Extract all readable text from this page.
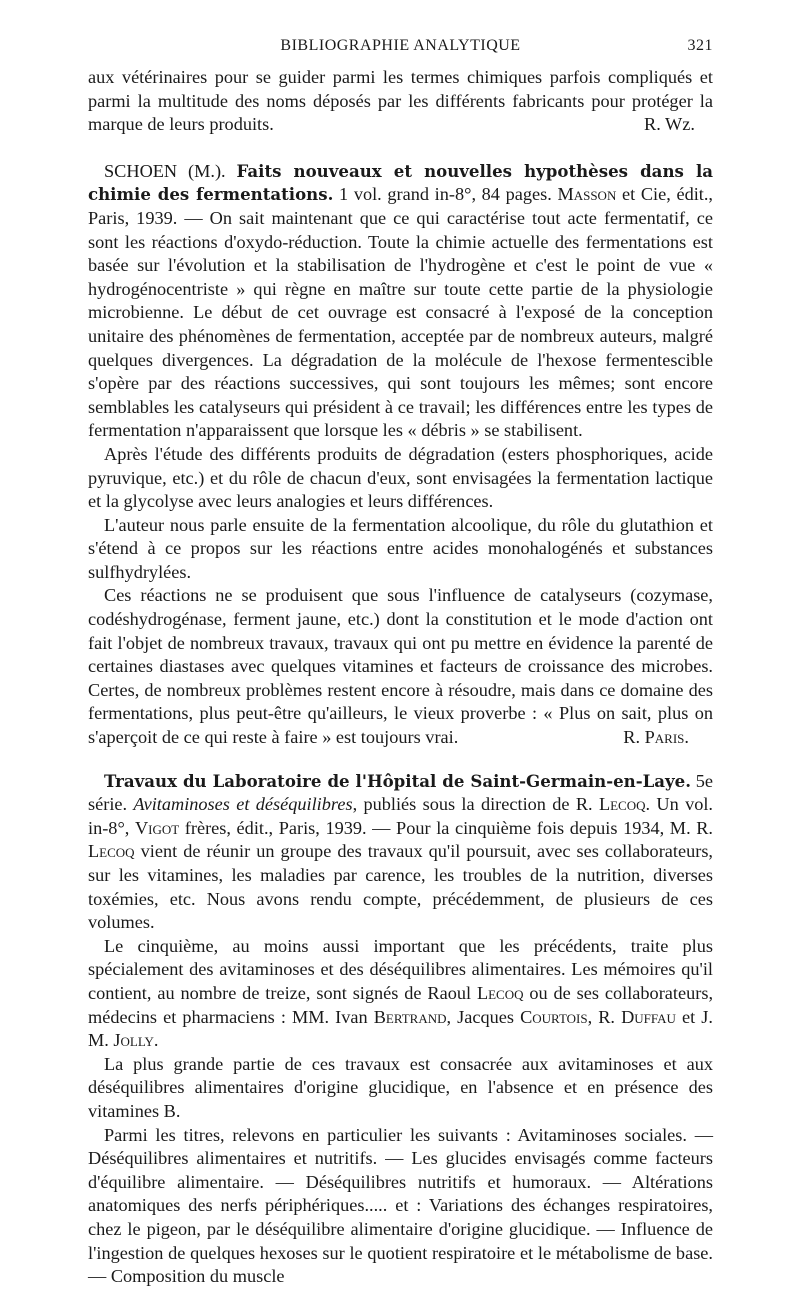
BIBLIOGRAPHIE ANALYTIQUE	321

aux vétérinaires pour se guider parmi les termes chimiques parfois compliqués et parmi la multitude des noms déposés par les différents fabricants pour protéger la marque de leurs produits.	R. Wz.

SCHOEN (M.). Faits nouveaux et nouvelles hypothèses dans la chimie des fermentations. 1 vol. grand in-8°, 84 pages. Masson et Cie, édit., Paris, 1939. — On sait maintenant que ce qui caractérise tout acte fermentatif, ce sont les réactions d'oxydo-réduction. Toute la chimie actuelle des fermentations est basée sur l'évolution et la stabilisation de l'hydrogène et c'est le point de vue « hydrogénocentriste » qui règne en maître sur toute cette partie de la physiologie microbienne. Le début de cet ouvrage est consacré à l'exposé de la conception unitaire des phénomènes de fermentation, acceptée par de nombreux auteurs, malgré quelques divergences. La dégradation de la molécule de l'hexose fermentescible s'opère par des réactions successives, qui sont toujours les mêmes; sont encore semblables les catalyseurs qui président à ce travail; les différences entre les types de fermentation n'apparaissent que lorsque les « débris » se stabilisent.

Après l'étude des différents produits de dégradation (esters phosphoriques, acide pyruvique, etc.) et du rôle de chacun d'eux, sont envisagées la fermentation lactique et la glycolyse avec leurs analogies et leurs différences.

L'auteur nous parle ensuite de la fermentation alcoolique, du rôle du glutathion et s'étend à ce propos sur les réactions entre acides monohalogénés et substances sulfhydrylées.

Ces réactions ne se produisent que sous l'influence de catalyseurs (cozymase, codéshydrogénase, ferment jaune, etc.) dont la constitution et le mode d'action ont fait l'objet de nombreux travaux, travaux qui ont pu mettre en évidence la parenté de certaines diastases avec quelques vitamines et facteurs de croissance des microbes. Certes, de nombreux problèmes restent encore à résoudre, mais dans ce domaine des fermentations, plus peut-être qu'ailleurs, le vieux proverbe : « Plus on sait, plus on s'aperçoit de ce qui reste à faire » est toujours vrai.	R. Paris.

Travaux du Laboratoire de l'Hôpital de Saint-Germain-en-Laye. 5e série. Avitaminoses et déséquilibres, publiés sous la direction de R. Lecoq. Un vol. in-8°, Vigot frères, édit., Paris, 1939. — Pour la cinquième fois depuis 1934, M. R. Lecoq vient de réunir un groupe des travaux qu'il poursuit, avec ses collaborateurs, sur les vitamines, les maladies par carence, les troubles de la nutrition, diverses toxémies, etc. Nous avons rendu compte, précédemment, de plusieurs de ces volumes.

Le cinquième, au moins aussi important que les précédents, traite plus spécialement des avitaminoses et des déséquilibres alimentaires. Les mémoires qu'il contient, au nombre de treize, sont signés de Raoul Lecoq ou de ses collaborateurs, médecins et pharmaciens : MM. Ivan Bertrand, Jacques Courtois, R. Duffau et J. M. Jolly.

La plus grande partie de ces travaux est consacrée aux avitaminoses et aux déséquilibres alimentaires d'origine glucidique, en l'absence et en présence des vitamines B.

Parmi les titres, relevons en particulier les suivants : Avitaminoses sociales. — Déséquilibres alimentaires et nutritifs. — Les glucides envisagés comme facteurs d'équilibre alimentaire. — Déséquilibres nutritifs et humoraux. — Altérations anatomiques des nerfs périphériques..... et : Variations des échanges respiratoires, chez le pigeon, par le déséquilibre alimentaire d'origine glucidique. — Influence de l'ingestion de quelques hexoses sur le quotient respiratoire et le métabolisme de base. — Composition du muscle
